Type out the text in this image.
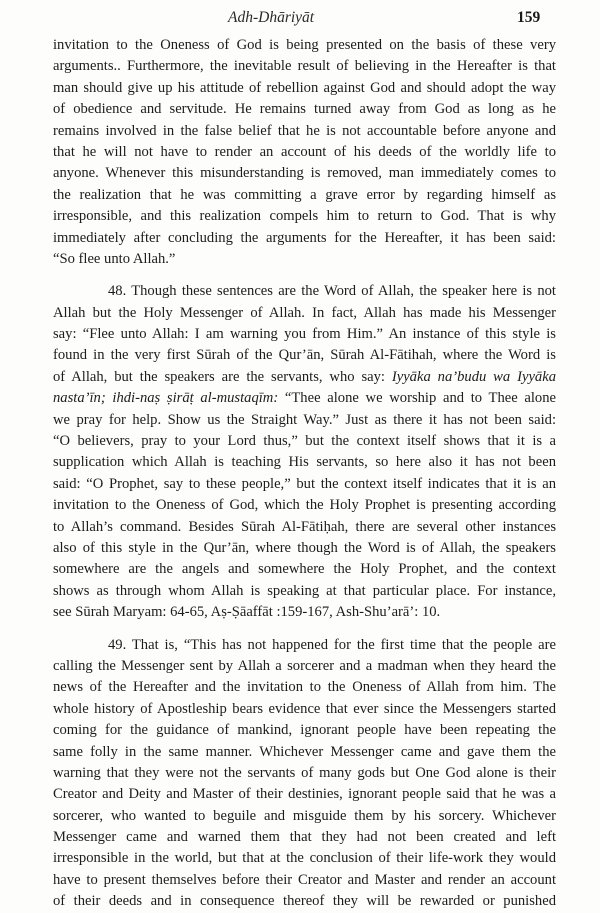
Adh-Dhāriyāt	159
invitation to the Oneness of God is being presented on the basis of these very
arguments.. Furthermore, the inevitable result of believing in the Hereafter is that
man should give up his attitude of rebellion against God and should adopt the way
of obedience and servitude. He remains turned away from God as long as he
remains involved in the false belief that he is not accountable before anyone and
that he will not have to render an account of his deeds of the worldly life to
anyone. Whenever this misunderstanding is removed, man immediately comes to
the realization that he was committing a grave error by regarding himself as
irresponsible, and this realization compels him to return to God. That is why
immediately after concluding the arguments for the Hereafter, it has been said:
“So flee unto Allah.”
48. Though these sentences are the Word of Allah, the speaker here is not
Allah but the Holy Messenger of Allah. In fact, Allah has made his Messenger
say: “Flee unto Allah: I am warning you from Him.” An instance of this style is
found in the very first Sūrah of the Qur’ān, Sūrah Al-Fātihah, where the Word is
of Allah, but the speakers are the servants, who say: Iyyāka na’budu wa Iyyāka
nasta’īn; ihdi-naṣ ṣirāṭ al-mustaqīm: “Thee alone we worship and to Thee alone
we pray for help. Show us the Straight Way.” Just as there it has not been said:
“O believers, pray to your Lord thus,” but the context itself shows that it is a
supplication which Allah is teaching His servants, so here also it has not been
said: “O Prophet, say to these people,” but the context itself indicates that it is an
invitation to the Oneness of God, which the Holy Prophet is presenting according
to Allah’s command. Besides Sūrah Al-Fātiḥah, there are several other instances
also of this style in the Qur’ān, where though the Word is of Allah, the speakers
somewhere are the angels and somewhere the Holy Prophet, and the context
shows as through whom Allah is speaking at that particular place. For instance,
see Sūrah Maryam: 64-65, Aṣ-Ṣāaffāt :159-167, Ash-Shu’arā’: 10.
49. That is, “This has not happened for the first time that the people are
calling the Messenger sent by Allah a sorcerer and a madman when they heard the
news of the Hereafter and the invitation to the Oneness of Allah from him. The
whole history of Apostleship bears evidence that ever since the Messengers started
coming for the guidance of mankind, ignorant people have been repeating the
same folly in the same manner. Whichever Messenger came and gave them the
warning that they were not the servants of many gods but One God alone is their
Creator and Deity and Master of their destinies, ignorant people said that he was a
sorcerer, who wanted to beguile and misguide them by his sorcery. Whichever
Messenger came and warned them that they had not been created and left
irresponsible in the world, but that at the conclusion of their life-work they would
have to present themselves before their Creator and Master and render an account
of their deeds and in consequence thereof they will be rewarded or punished
